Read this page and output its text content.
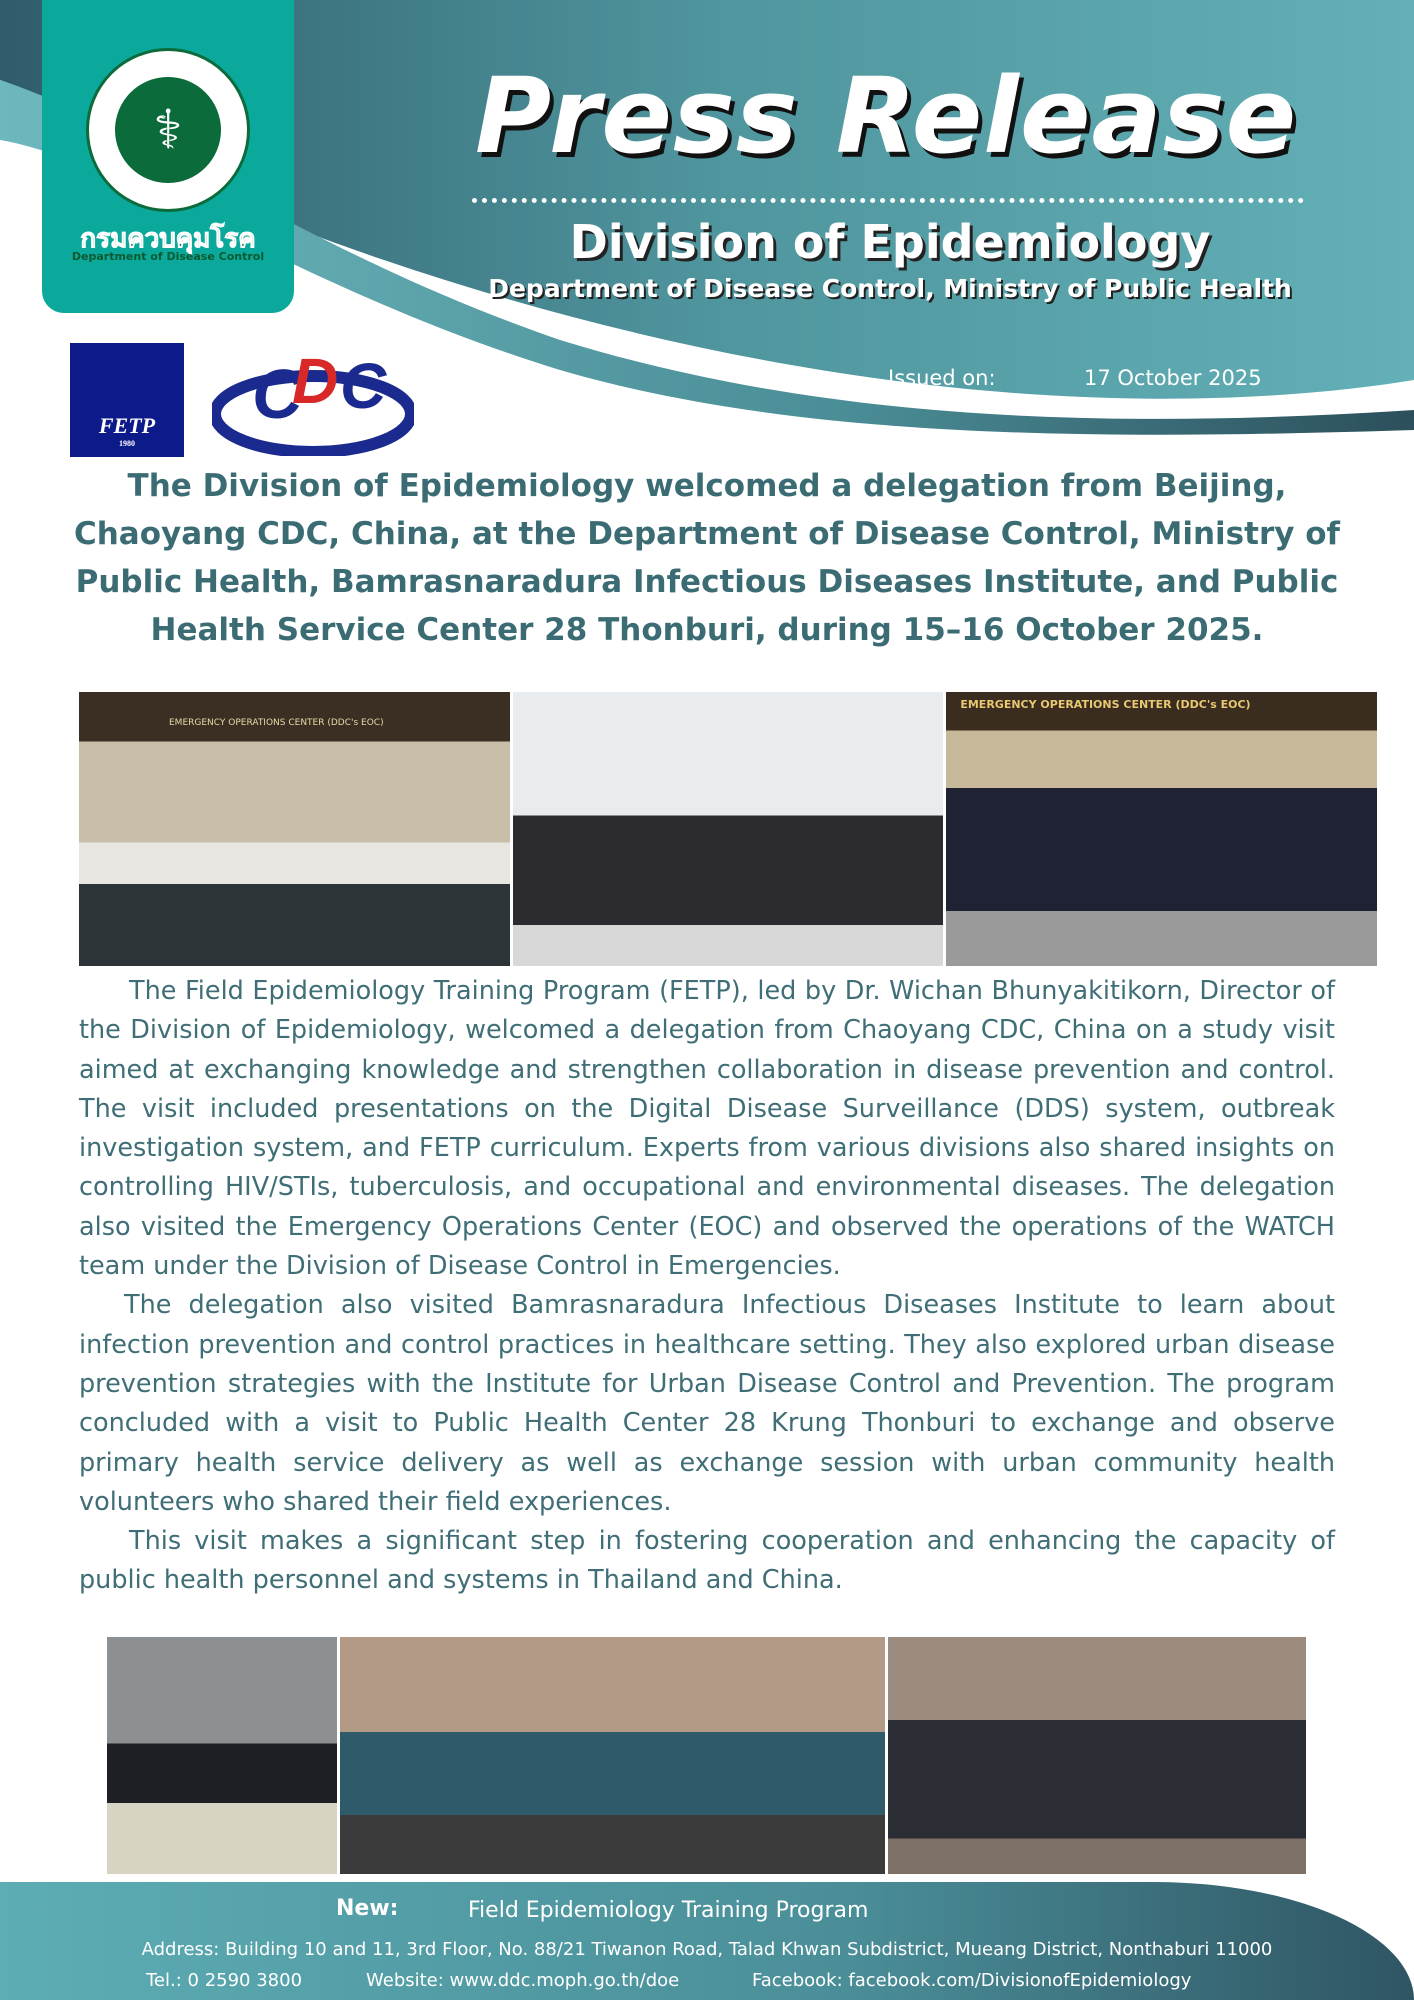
⚕
กรมควบคุมโรค
Department of Disease Control
Press Release
Division of Epidemiology
Department of Disease Control, Ministry of Public Health
Issued on:	17 October 2025
FETP
1980
C
D C
The Division of Epidemiology welcomed a delegation from Beijing, Chaoyang CDC, China, at the Department of Disease Control, Ministry of Public Health, Bamrasnaradura Infectious Diseases Institute, and Public Health Service Center 28 Thonburi, during 15–16 October 2025.
EMERGENCY OPERATIONS CENTER (DDC's EOC)
EMERGENCY OPERATIONS CENTER (DDC's EOC)

The Field Epidemiology Training Program (FETP), led by Dr. Wichan Bhunyakitikorn, Director of the Division of Epidemiology, welcomed a delegation from Chaoyang CDC, China on a study visit aimed at exchanging knowledge and strengthen collaboration in disease prevention and control. The visit included presentations on the Digital Disease Surveillance (DDS) system, outbreak investigation system, and FETP curriculum. Experts from various divisions also shared insights on controlling HIV/STIs, tuberculosis, and occupational and environmental diseases. The delegation also visited the Emergency Operations Center (EOC) and observed the operations of the WATCH team under the Division of Disease Control in Emergencies.

The delegation also visited Bamrasnaradura Infectious Diseases Institute to learn about infection prevention and control practices in healthcare setting. They also explored urban disease prevention strategies with the Institute for Urban Disease Control and Prevention. The program concluded with a visit to Public Health Center 28 Krung Thonburi to exchange and observe primary health service delivery as well as exchange session with urban community health volunteers who shared their field experiences.

This visit makes a significant step in fostering cooperation and enhancing the capacity of public health personnel and systems in Thailand and China.

New:	Field Epidemiology Training Program
Address: Building 10 and 11, 3rd Floor, No. 88/21 Tiwanon Road, Talad Khwan Subdistrict, Mueang District, Nonthaburi 11000
Tel.: 0 2590 3800	Website: www.ddc.moph.go.th/doe	Facebook: facebook.com/DivisionofEpidemiology
